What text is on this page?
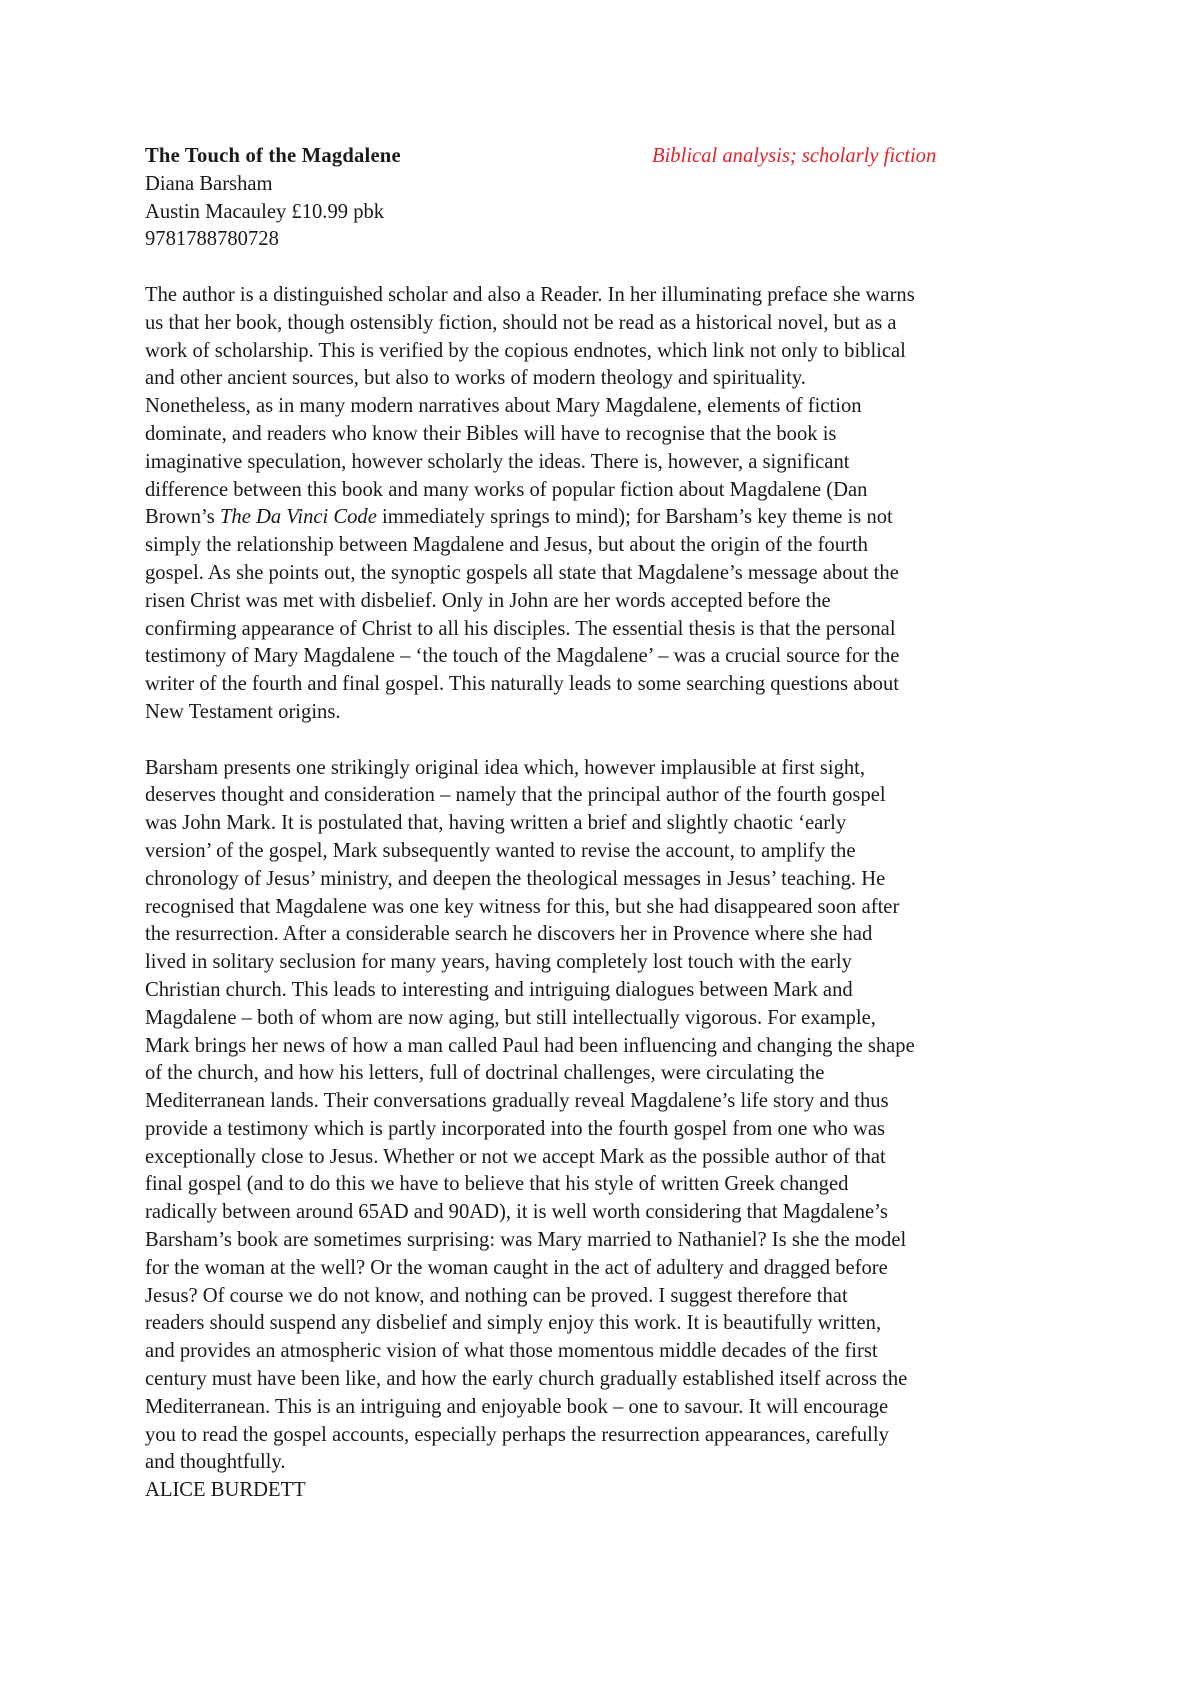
The Touch of the Magdalene	Biblical analysis; scholarly fiction
Diana Barsham
Austin Macauley £10.99 pbk
9781788780728
The author is a distinguished scholar and also a Reader. In her illuminating preface she warns
us that her book, though ostensibly fiction, should not be read as a historical novel, but as a
work of scholarship. This is verified by the copious endnotes, which link not only to biblical
and other ancient sources, but also to works of modern theology and spirituality.
Nonetheless, as in many modern narratives about Mary Magdalene, elements of fiction
dominate, and readers who know their Bibles will have to recognise that the book is
imaginative speculation, however scholarly the ideas. There is, however, a significant
difference between this book and many works of popular fiction about Magdalene (Dan
Brown’s The Da Vinci Code immediately springs to mind); for Barsham’s key theme is not
simply the relationship between Magdalene and Jesus, but about the origin of the fourth
gospel. As she points out, the synoptic gospels all state that Magdalene’s message about the
risen Christ was met with disbelief. Only in John are her words accepted before the
confirming appearance of Christ to all his disciples. The essential thesis is that the personal
testimony of Mary Magdalene – ‘the touch of the Magdalene’ – was a crucial source for the
writer of the fourth and final gospel. This naturally leads to some searching questions about
New Testament origins.
Barsham presents one strikingly original idea which, however implausible at first sight,
deserves thought and consideration – namely that the principal author of the fourth gospel
was John Mark. It is postulated that, having written a brief and slightly chaotic ‘early
version’ of the gospel, Mark subsequently wanted to revise the account, to amplify the
chronology of Jesus’ ministry, and deepen the theological messages in Jesus’ teaching. He
recognised that Magdalene was one key witness for this, but she had disappeared soon after
the resurrection. After a considerable search he discovers her in Provence where she had
lived in solitary seclusion for many years, having completely lost touch with the early
Christian church. This leads to interesting and intriguing dialogues between Mark and
Magdalene – both of whom are now aging, but still intellectually vigorous. For example,
Mark brings her news of how a man called Paul had been influencing and changing the shape
of the church, and how his letters, full of doctrinal challenges, were circulating the
Mediterranean lands. Their conversations gradually reveal Magdalene’s life story and thus
provide a testimony which is partly incorporated into the fourth gospel from one who was
exceptionally close to Jesus. Whether or not we accept Mark as the possible author of that
final gospel (and to do this we have to believe that his style of written Greek changed
radically between around 65AD and 90AD), it is well worth considering that Magdalene’s
Barsham’s book are sometimes surprising: was Mary married to Nathaniel? Is she the model
for the woman at the well? Or the woman caught in the act of adultery and dragged before
Jesus? Of course we do not know, and nothing can be proved. I suggest therefore that
readers should suspend any disbelief and simply enjoy this work. It is beautifully written,
and provides an atmospheric vision of what those momentous middle decades of the first
century must have been like, and how the early church gradually established itself across the
Mediterranean. This is an intriguing and enjoyable book – one to savour. It will encourage
you to read the gospel accounts, especially perhaps the resurrection appearances, carefully
and thoughtfully.
ALICE BURDETT
